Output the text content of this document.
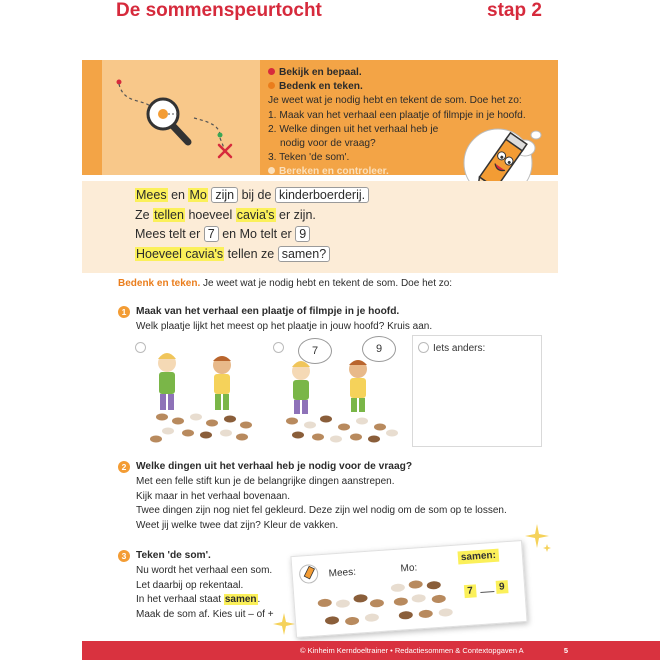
De sommenspeurtocht	stap 2
Bekijk en bepaal.
Bedenk en teken.
Je weet wat je nodig hebt en tekent de som. Doe het zo:
1. Maak van het verhaal een plaatje of filmpje in je hoofd.
2. Welke dingen uit het verhaal heb je
nodig voor de vraag?
3. Teken 'de som'.
Bereken en controleer.
Mees en Mo zijn bij de kinderboerderij.
Ze tellen hoeveel cavia's er zijn.
Mees telt er 7 en Mo telt er 9
Hoeveel cavia's tellen ze samen?
Bedenk en teken. Je weet wat je nodig hebt en tekent de som. Doe het zo:
1 Maak van het verhaal een plaatje of filmpje in je hoofd.
Welk plaatje lijkt het meest op het plaatje in jouw hoofd? Kruis aan.
7	9	Iets anders:
2 Welke dingen uit het verhaal heb je nodig voor de vraag?
Met een felle stift kun je de belangrijke dingen aanstrepen.
Kijk maar in het verhaal bovenaan.
Twee dingen zijn nog niet fel gekleurd. Deze zijn wel nodig om de som op te lossen.
Weet jij welke twee dat zijn? Kleur de vakken.
3 Teken 'de som'.
Nu wordt het verhaal een som.
Let daarbij op rekentaal.
In het verhaal staat samen.
Maak de som af. Kies uit – of +
Mees:	Mo:
samen:
7	9
© Kinheim Kerndoeltrainer • Redactiesommen & Contextopgaven A	5
